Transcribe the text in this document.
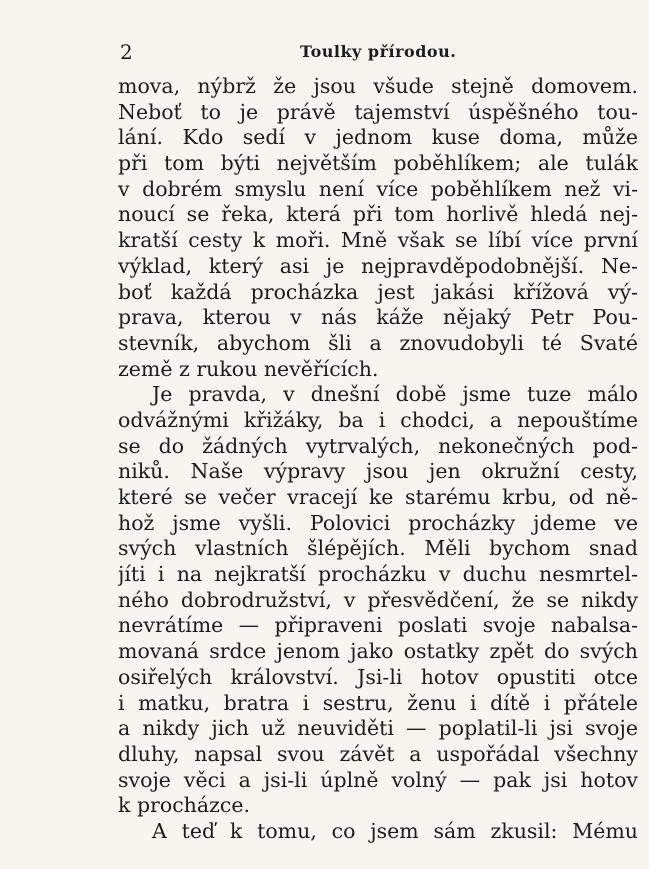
2	Toulky přírodou.
mova, nýbrž že jsou všude stejně domovem.
Neboť to je právě tajemství úspěšného tou-
lání. Kdo sedí v jednom kuse doma, může
při tom býti největším poběhlíkem; ale tulák
v dobrém smyslu není více poběhlíkem než vi-
noucí se řeka, která při tom horlivě hledá nej-
kratší cesty k moři. Mně však se líbí více první
výklad, který asi je nejpravděpodobnější. Ne-
boť každá procházka jest jakási křížová vý-
prava, kterou v nás káže nějaký Petr Pou-
stevník, abychom šli a znovudobyli té Svaté
země z rukou nevěřících.
Je pravda, v dnešní době jsme tuze málo
odvážnými křižáky, ba i chodci, a nepouštíme
se do žádných vytrvalých, nekonečných pod-
niků. Naše výpravy jsou jen okružní cesty,
které se večer vracejí ke starému krbu, od ně-
hož jsme vyšli. Polovici procházky jdeme ve
svých vlastních šlépějích. Měli bychom snad
jíti i na nejkratší procházku v duchu nesmrtel-
ného dobrodružství, v přesvědčení, že se nikdy
nevrátíme — připraveni poslati svoje nabalsa-
movaná srdce jenom jako ostatky zpět do svých
osiřelých království. Jsi-li hotov opustiti otce
i matku, bratra i sestru, ženu i dítě i přátele
a nikdy jich už neuviděti — poplatil-li jsi svoje
dluhy, napsal svou závět a uspořádal všechny
svoje věci a jsi-li úplně volný — pak jsi hotov
k procházce.
A teď k tomu, co jsem sám zkusil: Mému
